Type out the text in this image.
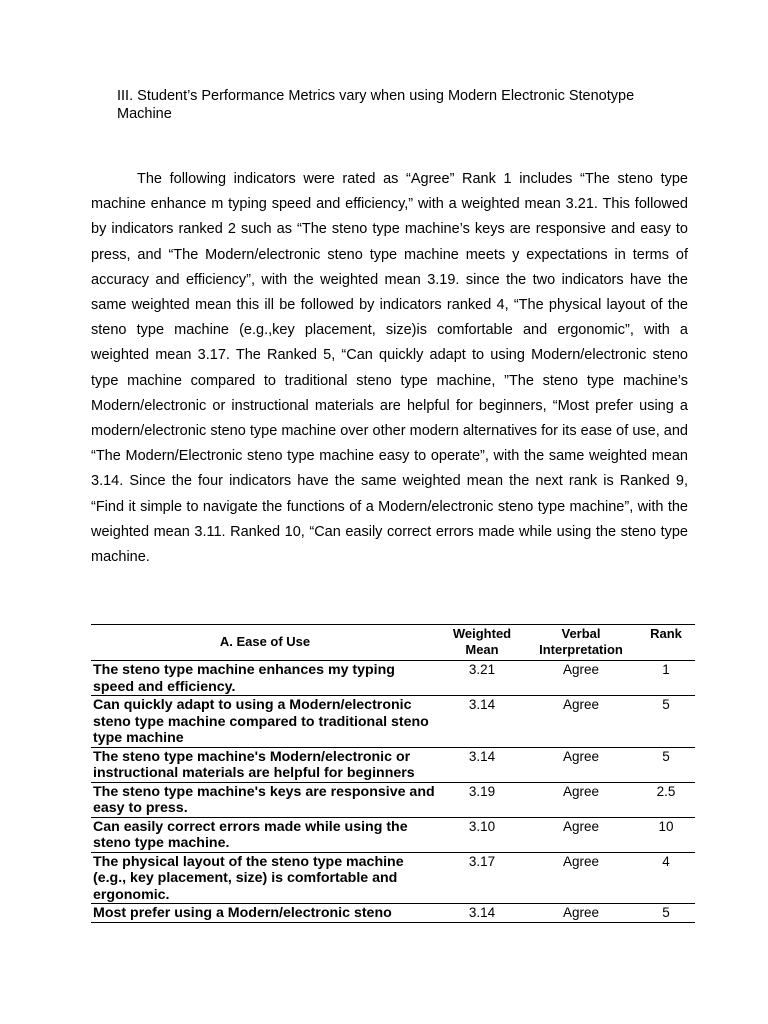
III. Student’s Performance Metrics vary when using Modern Electronic Stenotype Machine

The following indicators were rated as “Agree” Rank 1 includes “The steno type machine enhance m typing speed and efficiency,” with a weighted mean 3.21. This followed by indicators ranked 2 such as “The steno type machine’s keys are responsive and easy to press, and “The Modern/electronic steno type machine meets y expectations in terms of accuracy and efficiency”, with the weighted mean 3.19. since the two indicators have the same weighted mean this ill be followed by indicators ranked 4, “The physical layout of the steno type machine (e.g.,key placement, size)is comfortable and ergonomic”, with a weighted mean 3.17. The Ranked 5, “Can quickly adapt to using Modern/electronic steno type machine compared to traditional steno type machine, ”The steno type machine’s Modern/electronic or instructional materials are helpful for beginners, “Most prefer using a modern/electronic steno type machine over other modern alternatives for its ease of use, and “The Modern/Electronic steno type machine easy to operate”, with the same weighted mean 3.14. Since the four indicators have the same weighted mean the next rank is Ranked 9, “Find it simple to navigate the functions of a Modern/electronic steno type machine”, with the weighted mean 3.11. Ranked 10, “Can easily correct errors made while using the steno type machine.

A. Ease of Use	Weighted Mean	Verbal Interpretation	Rank
The steno type machine enhances my typing speed and efficiency.	3.21	Agree	1
Can quickly adapt to using a Modern/electronic steno type machine compared to traditional steno type machine	3.14	Agree	5
The steno type machine's Modern/electronic or instructional materials are helpful for beginners	3.14	Agree	5
The steno type machine's keys are responsive and easy to press.	3.19	Agree	2.5
Can easily correct errors made while using the steno type machine.	3.10	Agree	10
The physical layout of the steno type machine (e.g., key placement, size) is comfortable and ergonomic.	3.17	Agree	4
Most prefer using a Modern/electronic steno	3.14	Agree	5
